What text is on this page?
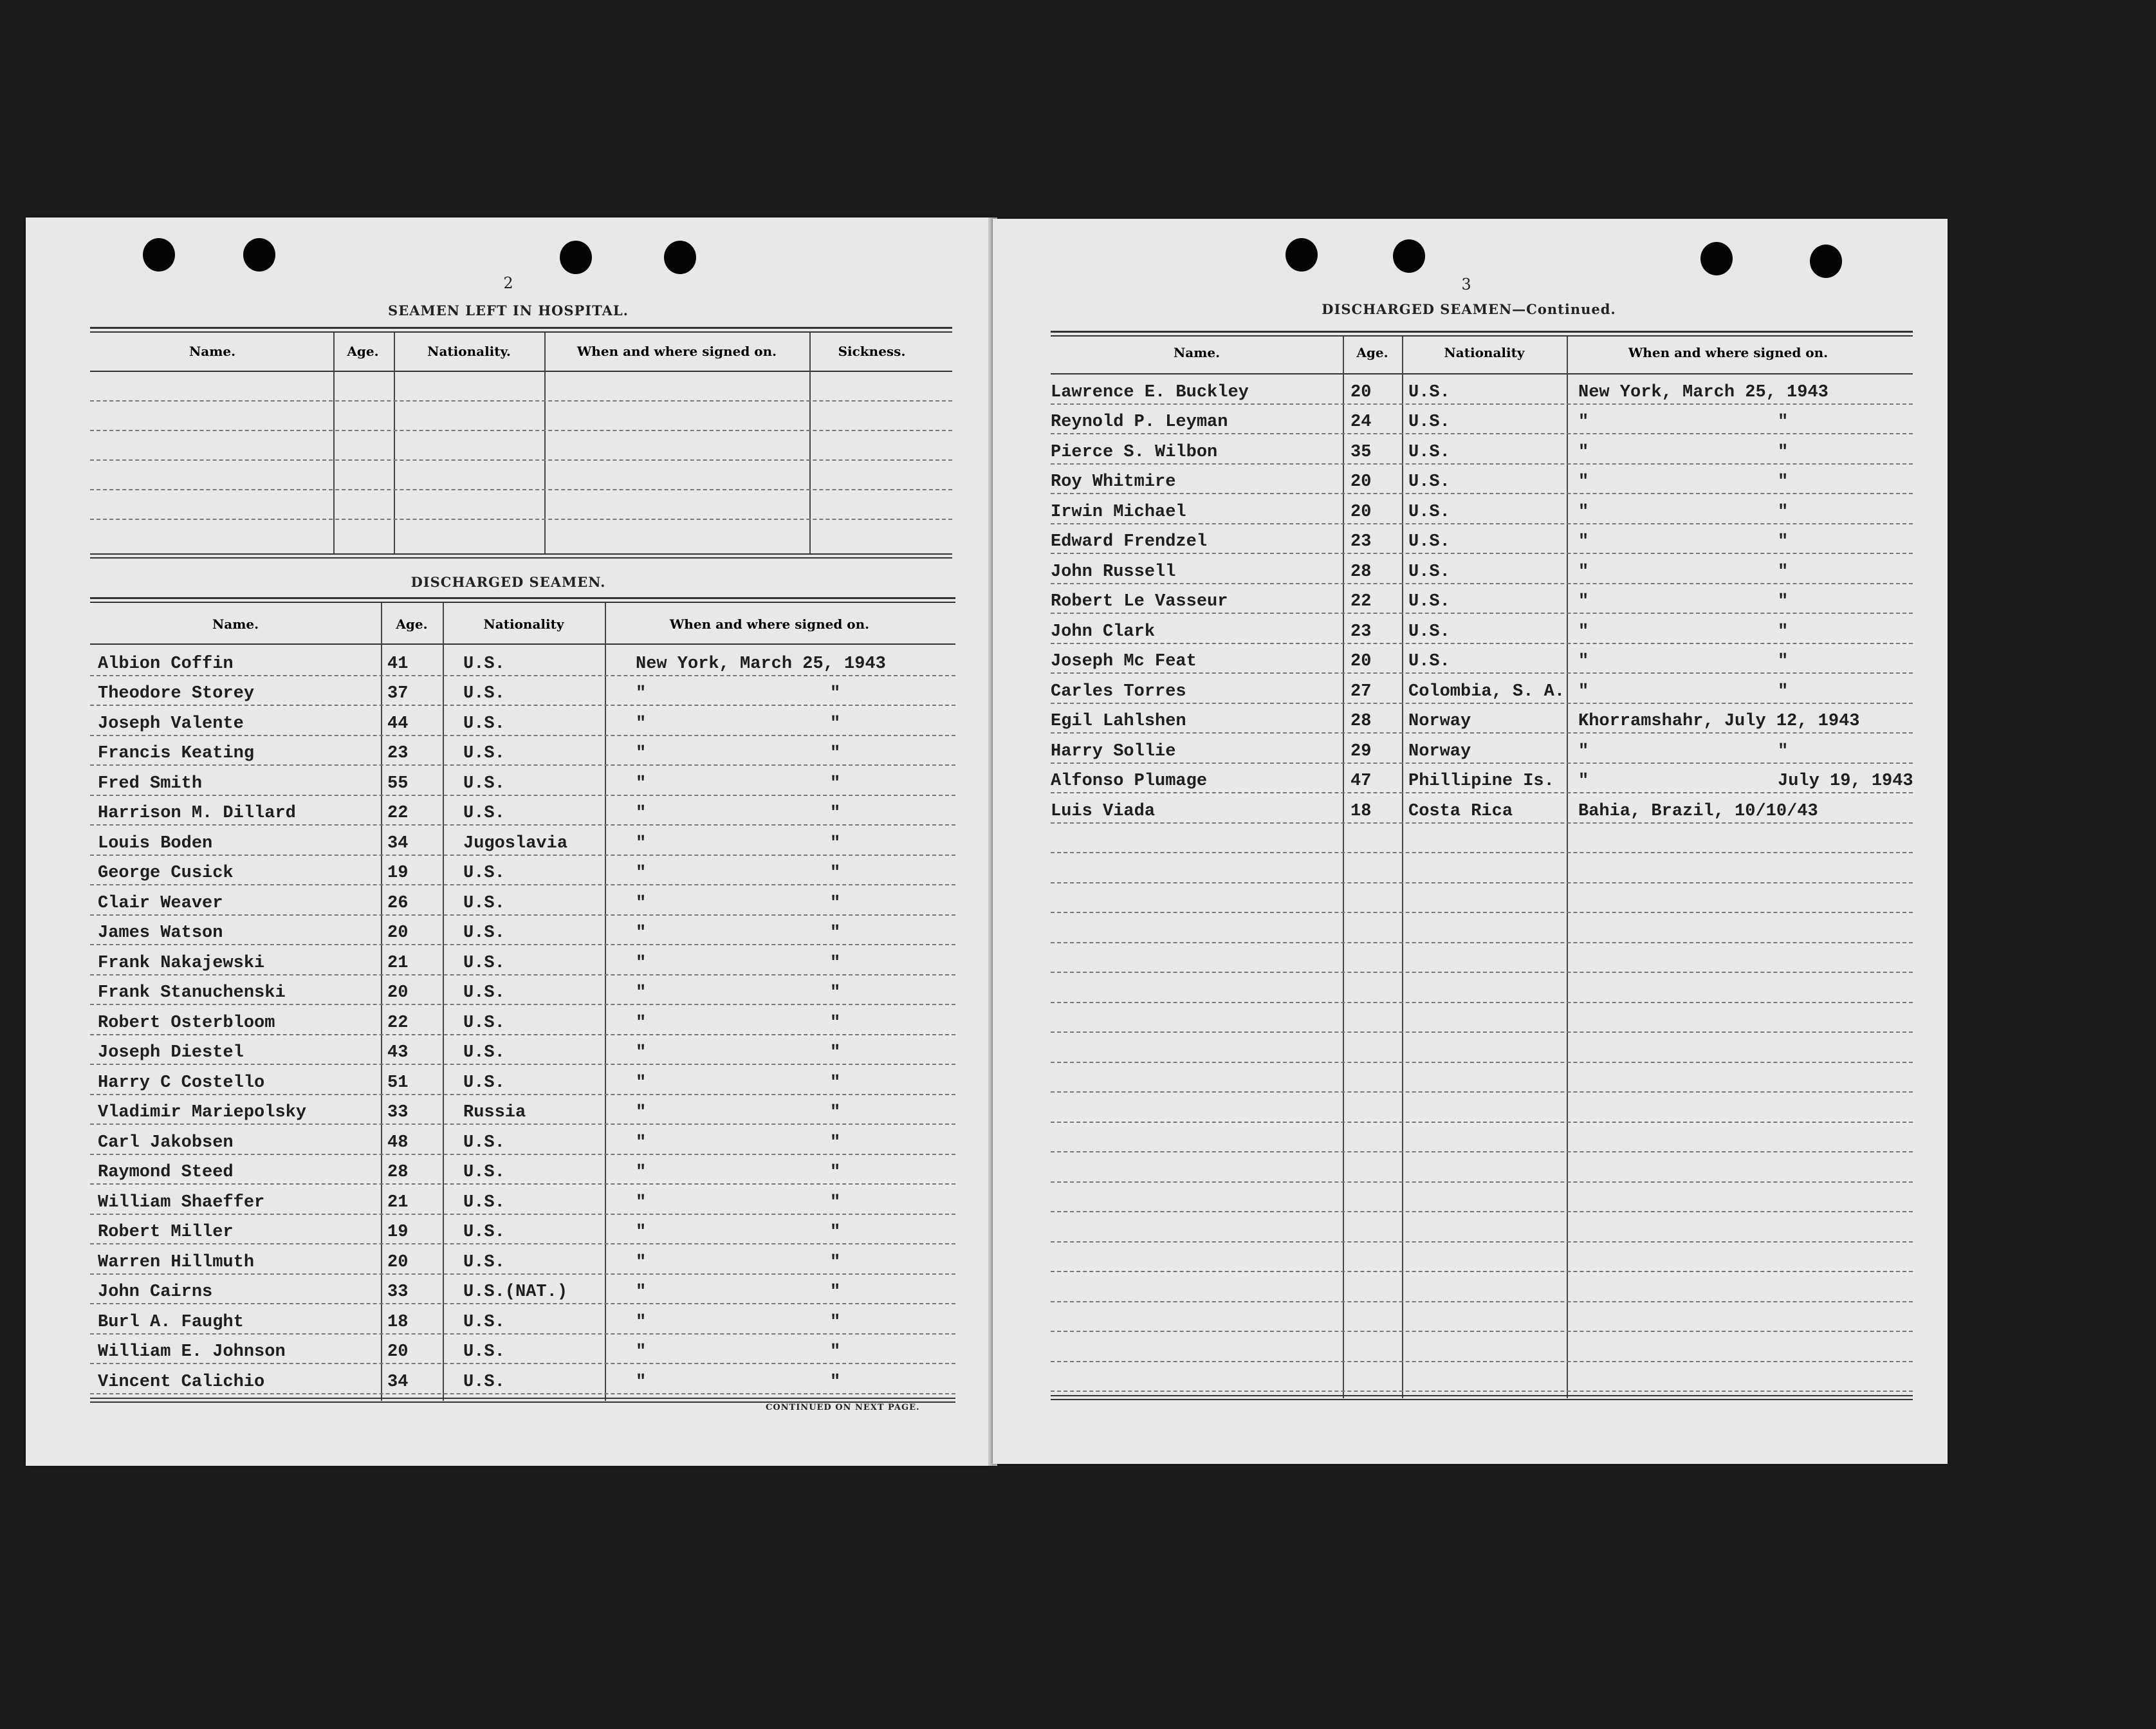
2
SEAMEN LEFT IN HOSPITAL.
Name.	Age.	Nationality.	When and where signed on.	Sickness.
DISCHARGED SEAMEN.
Name.	Age.	Nationality	When and where signed on.
Albion Coffin	41	U.S.	New York, March 25, 1943
Theodore Storey	37	U.S.	"	"
Joseph Valente	44	U.S.	"	"
Francis Keating	23	U.S.	"	"
Fred Smith	55	U.S.	"	"
Harrison M. Dillard	22	U.S.	"	"
Louis Boden	34	Jugoslavia	"	"
George Cusick	19	U.S.	"	"
Clair Weaver	26	U.S.	"	"
James Watson	20	U.S.	"	"
Frank Nakajewski	21	U.S.	"	"
Frank Stanuchenski	20	U.S.	"	"
Robert Osterbloom	22	U.S.	"	"
Joseph Diestel	43	U.S.	"	"
Harry C Costello	51	U.S.	"	"
Vladimir Mariepolsky	33	Russia	"	"
Carl Jakobsen	48	U.S.	"	"
Raymond Steed	28	U.S.	"	"
William Shaeffer	21	U.S.	"	"
Robert Miller	19	U.S.	"	"
Warren Hillmuth	20	U.S.	"	"
John Cairns	33	U.S.(NAT.)	"	"
Burl A. Faught	18	U.S.	"	"
William E. Johnson	20	U.S.	"	"
Vincent Calichio	34	U.S.	"	"
CONTINUED ON NEXT PAGE.
3
DISCHARGED SEAMEN—Continued.
Name.	Age.	Nationality	When and where signed on.
Lawrence E. Buckley	20 U.S.	New York, March 25, 1943
Reynold P. Leyman	24 U.S.	"	"
Pierce S. Wilbon	35 U.S.	"	"
Roy Whitmire	20 U.S.	"	"
Irwin Michael	20 U.S.	"	"
Edward Frendzel	23 U.S.	"	"
John Russell	28 U.S.	"	"
Robert Le Vasseur	22 U.S.	"	"
John Clark	23 U.S.	"	"
Joseph Mc Feat	20 U.S.	"	"
Carles Torres	27 Colombia, S. A. "	"
Egil Lahlshen	28 Norway	Khorramshahr, July 12, 1943
Harry Sollie	29 Norway	"	"
Alfonso Plumage	47 Phillipine Is. "	July 19, 1943
Luis Viada	18 Costa Rica	Bahia, Brazil, 10/10/43
